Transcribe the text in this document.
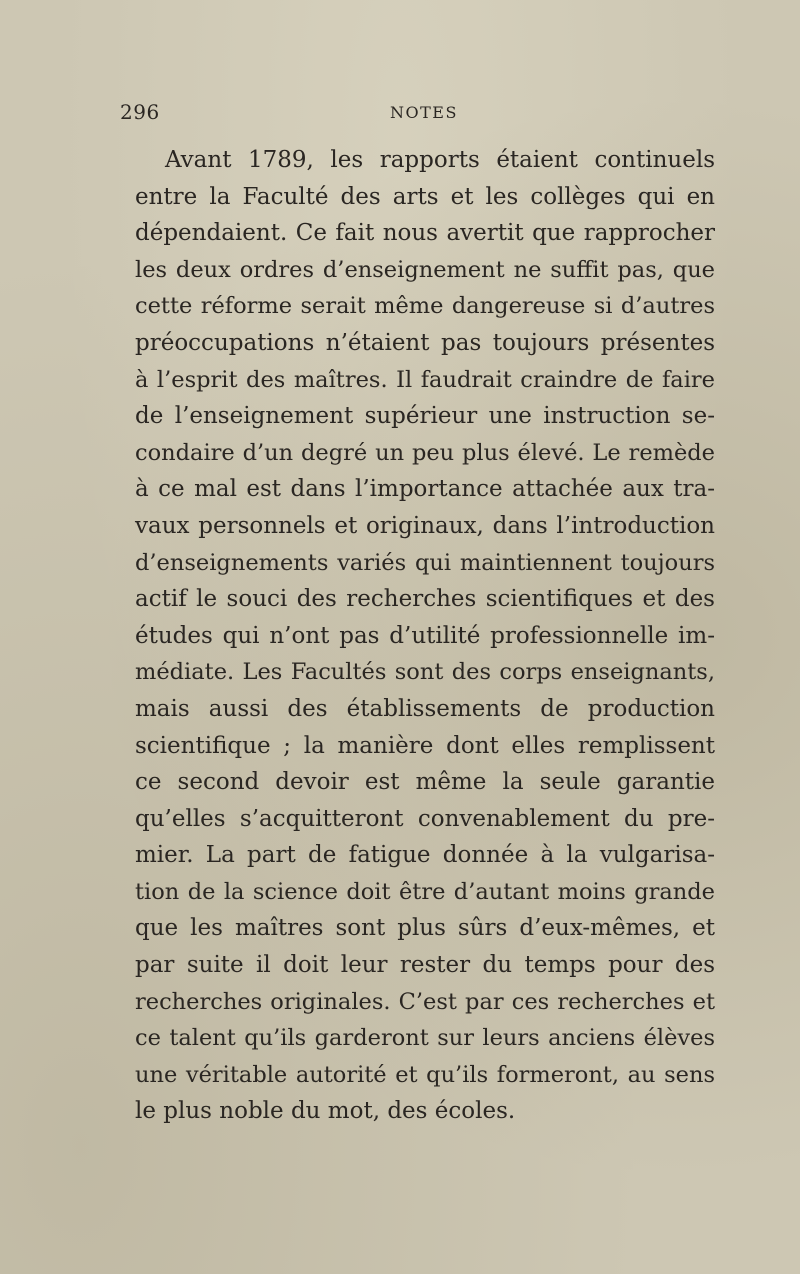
296	NOTES
Avant 1789, les rapports étaient continuels
entre la Faculté des arts et les collèges qui en
dépendaient. Ce fait nous avertit que rapprocher
les deux ordres d’enseignement ne suffit pas, que
cette réforme serait même dangereuse si d’autres
préoccupations n’étaient pas toujours présentes
à l’esprit des maîtres. Il faudrait craindre de faire
de l’enseignement supérieur une instruction se-
condaire d’un degré un peu plus élevé. Le remède
à ce mal est dans l’importance attachée aux tra-
vaux personnels et originaux, dans l’introduction
d’enseignements variés qui maintiennent toujours
actif le souci des recherches scientifiques et des
études qui n’ont pas d’utilité professionnelle im-
médiate. Les Facultés sont des corps enseignants,
mais aussi des établissements de production
scientifique ; la manière dont elles remplissent
ce second devoir est même la seule garantie
qu’elles s’acquitteront convenablement du pre-
mier. La part de fatigue donnée à la vulgarisa-
tion de la science doit être d’autant moins grande
que les maîtres sont plus sûrs d’eux-mêmes, et
par suite il doit leur rester du temps pour des
recherches originales. C’est par ces recherches et
ce talent qu’ils garderont sur leurs anciens élèves
une véritable autorité et qu’ils formeront, au sens
le plus noble du mot, des écoles.
